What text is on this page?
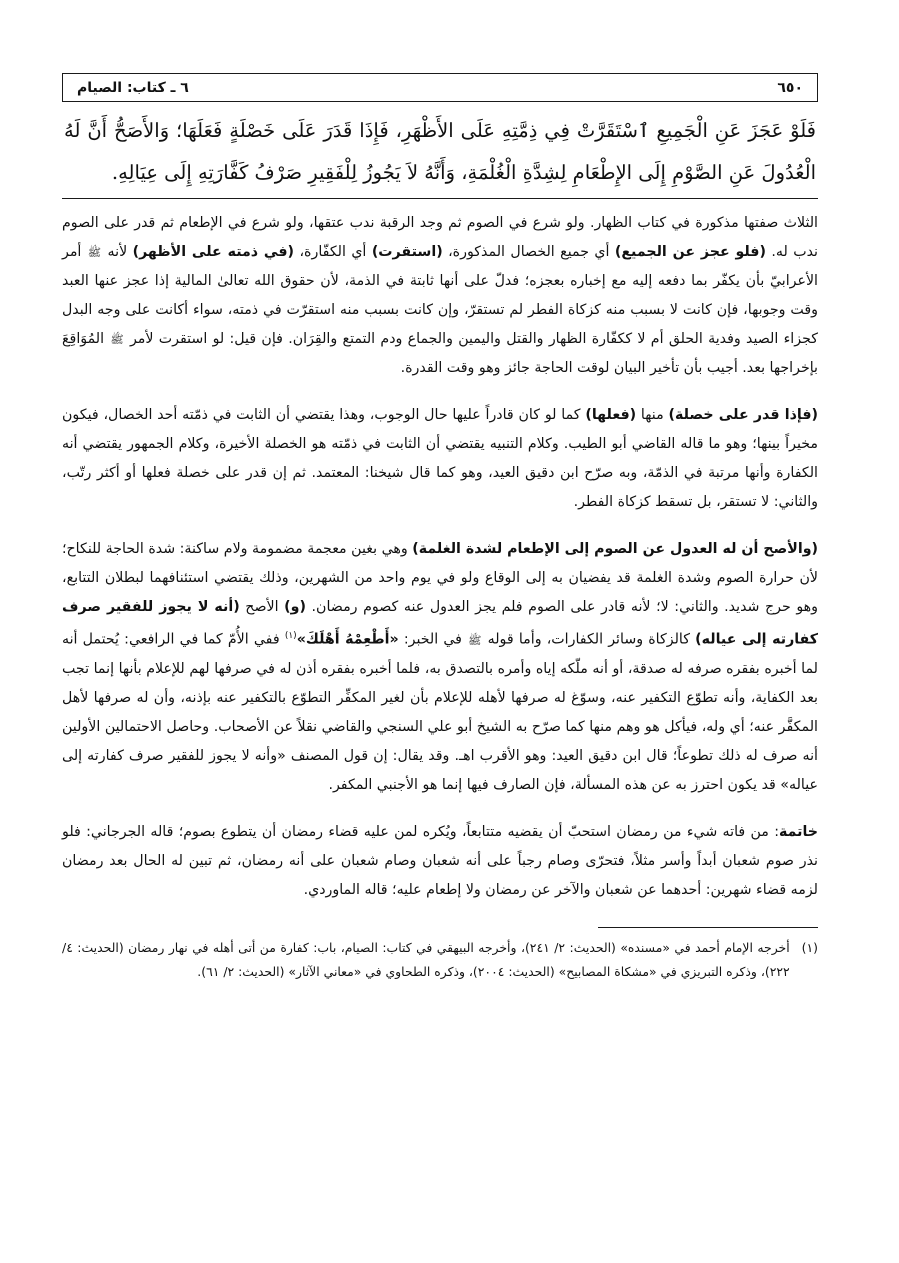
٦٥٠
٦ ـ كتاب: الصيام
فَلَوْ عَجَزَ عَنِ الْجَمِيعِ ٱسْتَقَرَّتْ فِي ذِمَّتِهِ عَلَى الأَظْهَرِ، فَإِذَا قَدَرَ عَلَى خَصْلَةٍ فَعَلَهَا؛ وَالأَصَحُّ أَنَّ لَهُ الْعُدُولَ عَنِ الصَّوْمِ إِلَى الإِطْعَامِ لِشِدَّةِ الْغُلْمَةِ، وَأَنَّهُ لاَ يَجُوزُ لِلْفَقِيرِ صَرْفُ كَفَّارَتِهِ إِلَى عِيَالِهِ.

الثلاث صفتها مذكورة في كتاب الظهار. ولو شرع في الصوم ثم وجد الرقبة ندب عتقها، ولو شرع في الإطعام ثم قدر على الصوم ندب له. (فلو عجز عن الجميع) أي جميع الخصال المذكورة، (استقرت) أي الكفّارة، (في ذمته على الأظهر) لأنه ﷺ أمر الأعرابيّ بأن يكفّر بما دفعه إليه مع إخباره بعجزه؛ فدلّ على أنها ثابتة في الذمة، لأن حقوق الله تعالىٰ المالية إذا عجز عنها العبد وقت وجوبها، فإن كانت لا بسبب منه كزكاة الفطر لم تستقرّ، وإن كانت بسبب منه استقرّت في ذمته، سواء أكانت على وجه البدل كجزاء الصيد وفدية الحلق أم لا ككفّارة الظهار والقتل واليمين والجماع ودم التمتع والقِرَان. فإن قيل: لو استقرت لأمر ﷺ المُوَاقِعَ بإخراجها بعد. أجيب بأن تأخير البيان لوقت الحاجة جائز وهو وقت القدرة.

(فإذا قدر على خصلة) منها (فعلها) كما لو كان قادراً عليها حال الوجوب، وهذا يقتضي أن الثابت في ذمّته أحد الخصال، فيكون مخيراً بينها؛ وهو ما قاله القاضي أبو الطيب. وكلام التنبيه يقتضي أن الثابت في ذمّته هو الخصلة الأخيرة، وكلام الجمهور يقتضي أنه الكفارة وأنها مرتبة في الذمّة، وبه صرّح ابن دقيق العيد، وهو كما قال شيخنا: المعتمد. ثم إن قدر على خصلة فعلها أو أكثر رتّب، والثاني: لا تستقر، بل تسقط كزكاة الفطر.

(والأصح أن له العدول عن الصوم إلى الإطعام لشدة الغلمة) وهي بغين معجمة مضمومة ولام ساكنة: شدة الحاجة للنكاح؛ لأن حرارة الصوم وشدة الغلمة قد يفضيان به إلى الوقاع ولو في يوم واحد من الشهرين، وذلك يقتضي استئنافهما لبطلان التتابع، وهو حرج شديد. والثاني: لا؛ لأنه قادر على الصوم فلم يجز العدول عنه كصوم رمضان. (و) الأصح (أنه لا يجوز للفقير صرف كفارته إلى عياله) كالزكاة وسائر الكفارات، وأما قوله ﷺ في الخبر: «أَطْعِمْهُ أَهْلَكَ»$^{(١)}$ ففي الأُمّ كما في الرافعي: يُحتمل أنه لما أخبره بفقره صرفه له صدقة، أو أنه ملّكه إياه وأمره بالتصدق به، فلما أخبره بفقره أذن له في صرفها لهم للإعلام بأنها إنما تجب بعد الكفاية، وأنه تطوّع التكفير عنه، وسوّغ له صرفها لأهله للإعلام بأن لغير المكفِّر التطوّع بالتكفير عنه بإذنه، وأن له صرفها لأهل المكفَّر عنه؛ أي وله، فيأكل هو وهم منها كما صرّح به الشيخ أبو علي السنجي والقاضي نقلاً عن الأصحاب. وحاصل الاحتمالين الأولين أنه صرف له ذلك تطوعاً؛ قال ابن دقيق العيد: وهو الأقرب اهـ. وقد يقال: إن قول المصنف «وأنه لا يجوز للفقير صرف كفارته إلى عياله» قد يكون احترز به عن هذه المسألة، فإن الصارف فيها إنما هو الأجنبي المكفر.

خاتمة: من فاته شيء من رمضان استحبّ أن يقضيه متتابعاً، ويُكره لمن عليه قضاء رمضان أن يتطوع بصوم؛ قاله الجرجاني: فلو نذر صوم شعبان أبداً وأسر مثلاً، فتحرّى وصام رجباً على أنه شعبان وصام شعبان على أنه رمضان، ثم تبين له الحال بعد رمضان لزمه قضاء شهرين: أحدهما عن شعبان والآخر عن رمضان ولا إطعام عليه؛ قاله الماوردي.

(١)
أخرجه الإمام أحمد في «مسنده» (الحديث: ٢/ ٢٤١)، وأخرجه البيهقي في كتاب: الصيام، باب: كفارة من أتى أهله في نهار رمضان (الحديث: ٤/ ٢٢٢)، وذكره التبريزي في «مشكاة المصابيح» (الحديث: ٢٠٠٤)، وذكره الطحاوي في «معاني الآثار» (الحديث: ٢/ ٦١).
